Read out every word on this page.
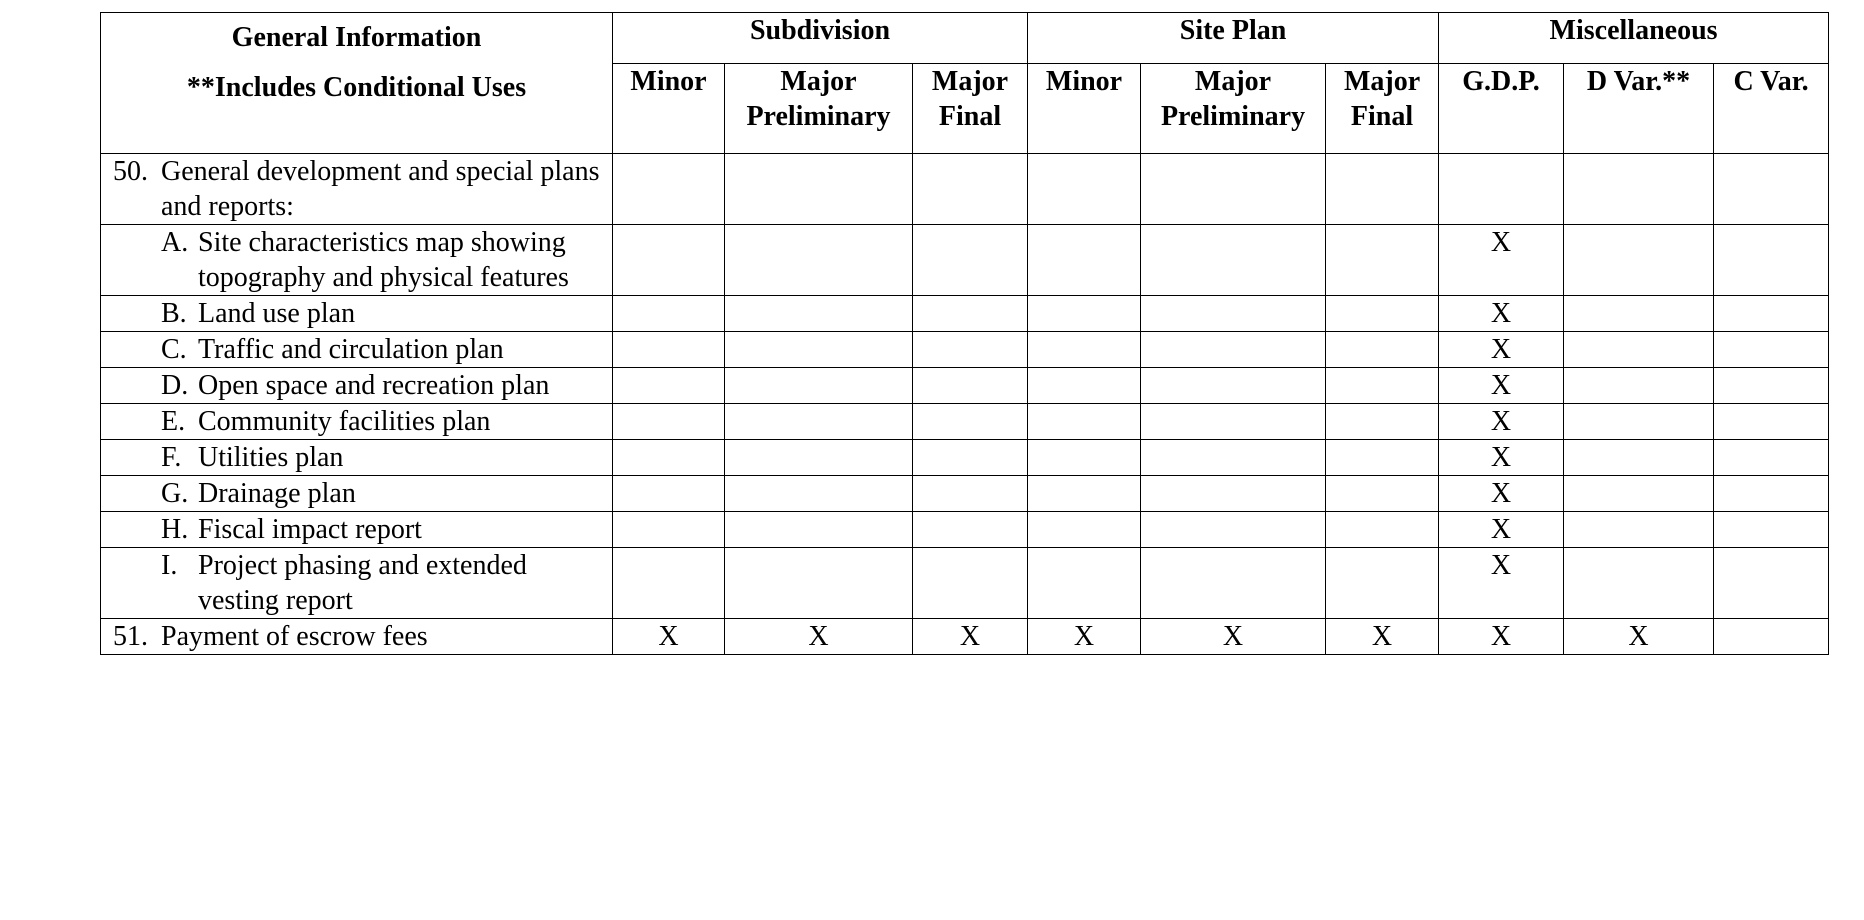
General Information
**Includes Conditional Uses	Subdivision			Site Plan			Miscellaneous		
	Minor	Major Preliminary	Major Final	Minor	Major Preliminary	Major Final	G.D.P.	D Var.**	C Var.

50. General development and special plans and reports:									

A. Site characteristics map showing topography and physical features							X		

B. Land use plan							X		

C. Traffic and circulation plan							X		

D. Open space and recreation plan							X		

E. Community facilities plan							X		

F. Utilities plan							X		

G. Drainage plan							X		

H. Fiscal impact report							X		

I. Project phasing and extended vesting report							X		

51. Payment of escrow fees	X	X	X	X	X	X	X	X	
